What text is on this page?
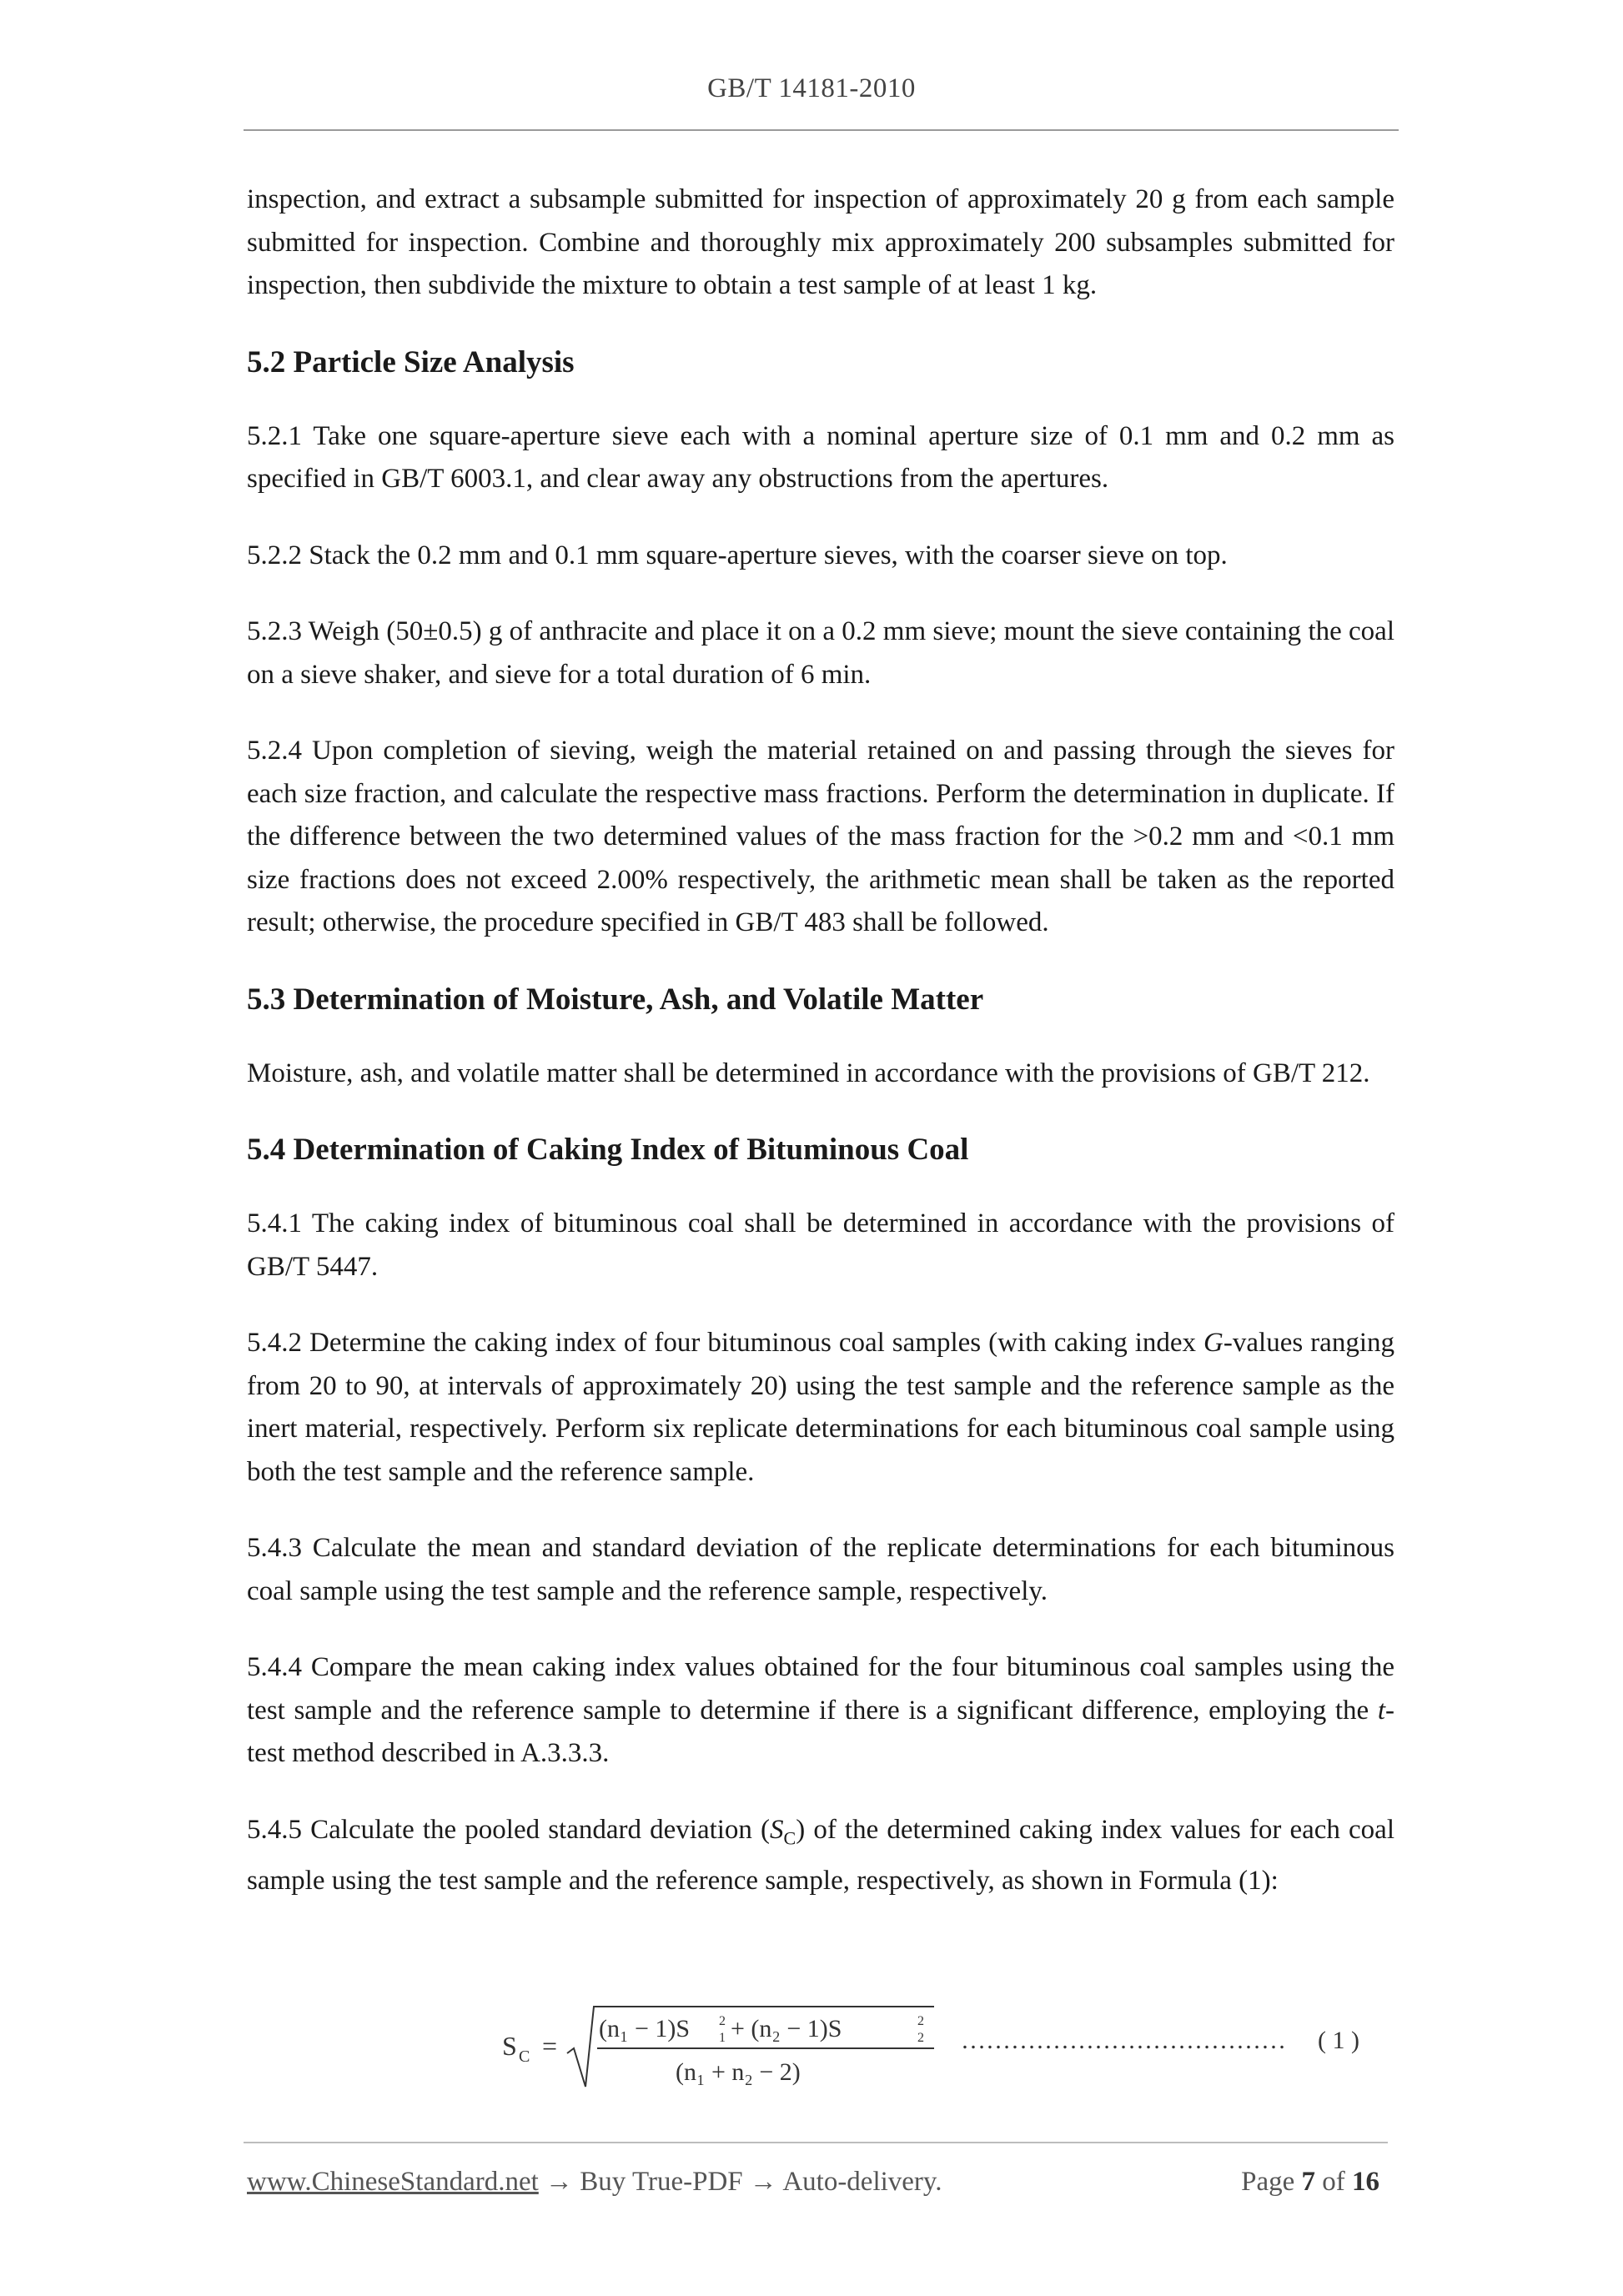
GB/T 14181-2010

inspection, and extract a subsample submitted for inspection of approximately 20 g from each sample submitted for inspection. Combine and thoroughly mix approximately 200 subsamples submitted for inspection, then subdivide the mixture to obtain a test sample of at least 1 kg.

5.2 Particle Size Analysis

5.2.1 Take one square-aperture sieve each with a nominal aperture size of 0.1 mm and 0.2 mm as specified in GB/T 6003.1, and clear away any obstructions from the apertures.

5.2.2 Stack the 0.2 mm and 0.1 mm square-aperture sieves, with the coarser sieve on top.

5.2.3 Weigh (50±0.5) g of anthracite and place it on a 0.2 mm sieve; mount the sieve containing the coal on a sieve shaker, and sieve for a total duration of 6 min.

5.2.4 Upon completion of sieving, weigh the material retained on and passing through the sieves for each size fraction, and calculate the respective mass fractions. Perform the determination in duplicate. If the difference between the two determined values of the mass fraction for the >0.2 mm and <0.1 mm size fractions does not exceed 2.00% respectively, the arithmetic mean shall be taken as the reported result; otherwise, the procedure specified in GB/T 483 shall be followed.

5.3 Determination of Moisture, Ash, and Volatile Matter

Moisture, ash, and volatile matter shall be determined in accordance with the provisions of GB/T 212.

5.4 Determination of Caking Index of Bituminous Coal

5.4.1 The caking index of bituminous coal shall be determined in accordance with the provisions of GB/T 5447.

5.4.2 Determine the caking index of four bituminous coal samples (with caking index G-values ranging from 20 to 90, at intervals of approximately 20) using the test sample and the reference sample as the inert material, respectively. Perform six replicate determinations for each bituminous coal sample using both the test sample and the reference sample.

5.4.3 Calculate the mean and standard deviation of the replicate determinations for each bituminous coal sample using the test sample and the reference sample, respectively.

5.4.4 Compare the mean caking index values obtained for the four bituminous coal samples using the test sample and the reference sample to determine if there is a significant difference, employing the t-test method described in A.3.3.3.

5.4.5 Calculate the pooled standard deviation $(S_C)$ of the determined caking index values for each coal sample using the test sample and the reference sample, respectively, as shown in Formula (1):

S C =
(n₁ − 1)S 2
1 + (n₂ − 1)S	2
2
(n₁ + n₂ − 2)
………………………………… ( 1 )
www.ChineseStandard.net → Buy True-PDF → Auto-delivery.	Page 7 of 16
